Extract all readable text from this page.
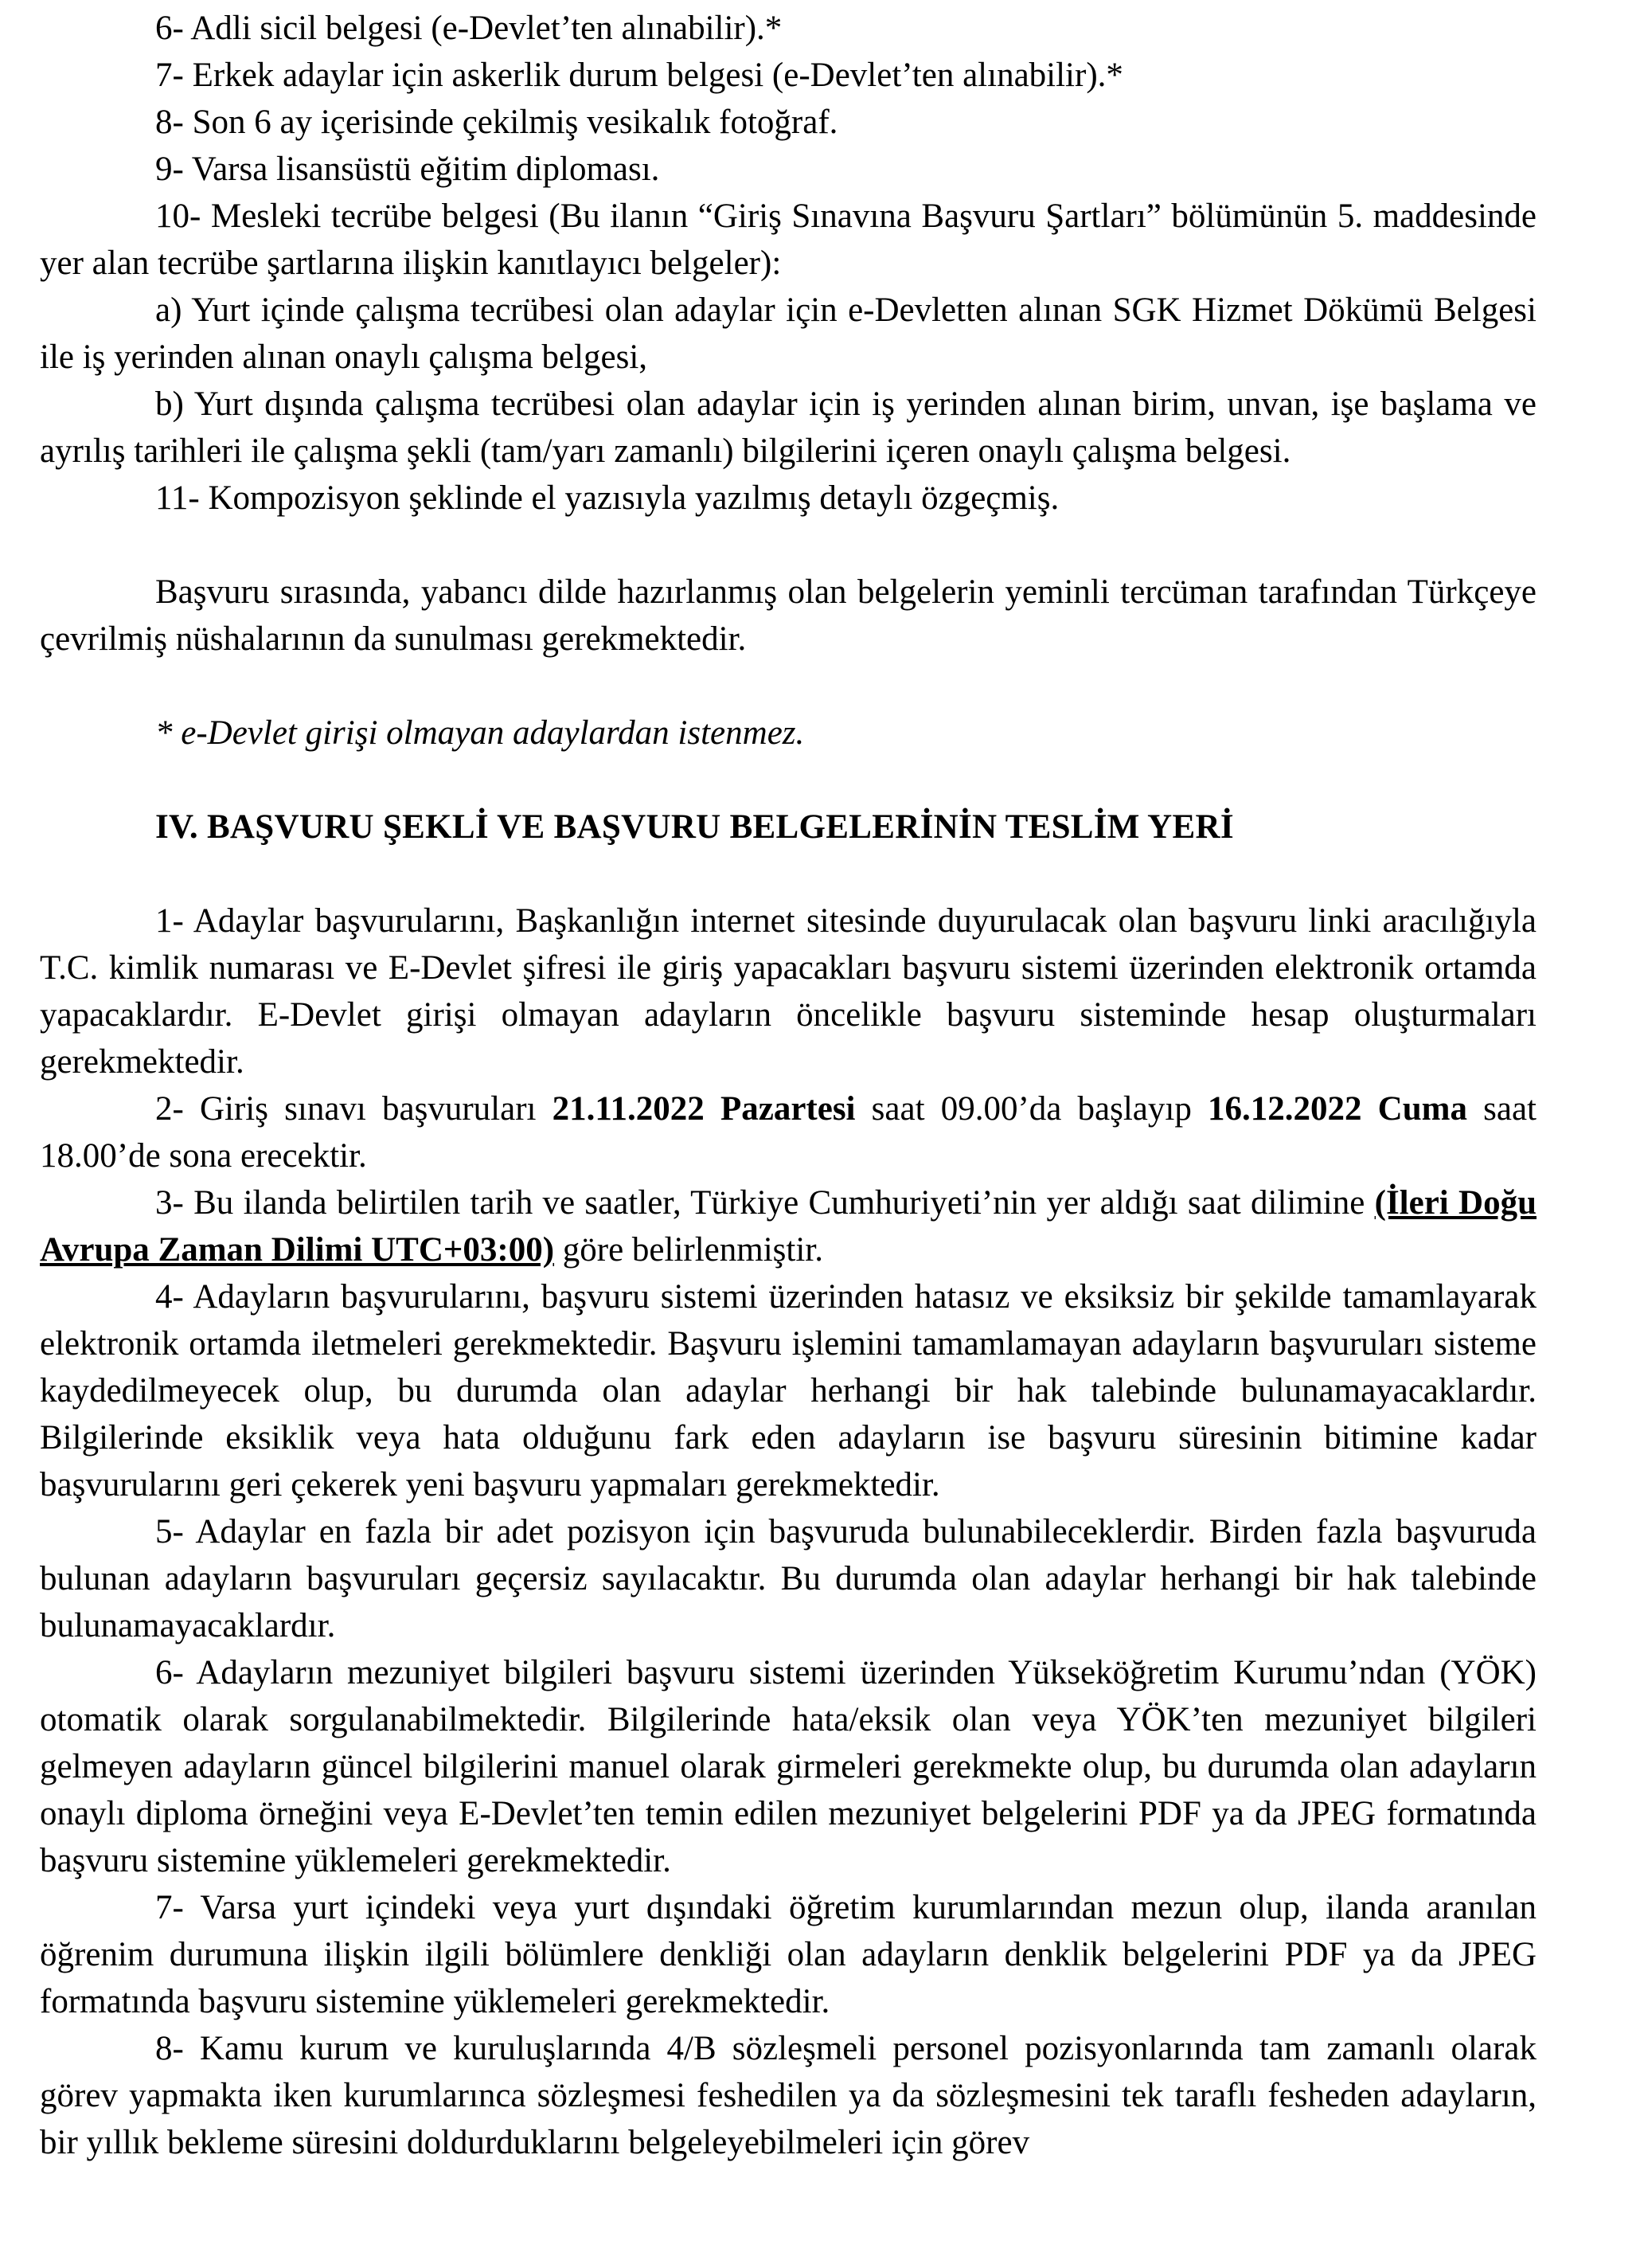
6- Adli sicil belgesi (e-Devlet’ten alınabilir).*

7- Erkek adaylar için askerlik durum belgesi (e-Devlet’ten alınabilir).*

8- Son 6 ay içerisinde çekilmiş vesikalık fotoğraf.

9- Varsa lisansüstü eğitim diploması.

10- Mesleki tecrübe belgesi (Bu ilanın “Giriş Sınavına Başvuru Şartları” bölümünün 5. maddesinde yer alan tecrübe şartlarına ilişkin kanıtlayıcı belgeler):

a) Yurt içinde çalışma tecrübesi olan adaylar için e-Devletten alınan SGK Hizmet Dökümü Belgesi ile iş yerinden alınan onaylı çalışma belgesi,

b) Yurt dışında çalışma tecrübesi olan adaylar için iş yerinden alınan birim, unvan, işe başlama ve ayrılış tarihleri ile çalışma şekli (tam/yarı zamanlı) bilgilerini içeren onaylı çalışma belgesi.

11- Kompozisyon şeklinde el yazısıyla yazılmış detaylı özgeçmiş.

Başvuru sırasında, yabancı dilde hazırlanmış olan belgelerin yeminli tercüman tarafından Türkçeye çevrilmiş nüshalarının da sunulması gerekmektedir.

* e-Devlet girişi olmayan adaylardan istenmez.

IV. BAŞVURU ŞEKLİ VE BAŞVURU BELGELERİNİN TESLİM YERİ

1- Adaylar başvurularını, Başkanlığın internet sitesinde duyurulacak olan başvuru linki aracılığıyla T.C. kimlik numarası ve E-Devlet şifresi ile giriş yapacakları başvuru sistemi üzerinden elektronik ortamda yapacaklardır. E-Devlet girişi olmayan adayların öncelikle başvuru sisteminde hesap oluşturmaları gerekmektedir.

2- Giriş sınavı başvuruları 21.11.2022 Pazartesi saat 09.00’da başlayıp 16.12.2022 Cuma saat 18.00’de sona erecektir.

3- Bu ilanda belirtilen tarih ve saatler, Türkiye Cumhuriyeti’nin yer aldığı saat dilimine (İleri Doğu Avrupa Zaman Dilimi UTC+03:00) göre belirlenmiştir.

4- Adayların başvurularını, başvuru sistemi üzerinden hatasız ve eksiksiz bir şekilde tamamlayarak elektronik ortamda iletmeleri gerekmektedir. Başvuru işlemini tamamlamayan adayların başvuruları sisteme kaydedilmeyecek olup, bu durumda olan adaylar herhangi bir hak talebinde bulunamayacaklardır. Bilgilerinde eksiklik veya hata olduğunu fark eden adayların ise başvuru süresinin bitimine kadar başvurularını geri çekerek yeni başvuru yapmaları gerekmektedir.

5- Adaylar en fazla bir adet pozisyon için başvuruda bulunabileceklerdir. Birden fazla başvuruda bulunan adayların başvuruları geçersiz sayılacaktır. Bu durumda olan adaylar herhangi bir hak talebinde bulunamayacaklardır.

6- Adayların mezuniyet bilgileri başvuru sistemi üzerinden Yükseköğretim Kurumu’ndan (YÖK) otomatik olarak sorgulanabilmektedir. Bilgilerinde hata/eksik olan veya YÖK’ten mezuniyet bilgileri gelmeyen adayların güncel bilgilerini manuel olarak girmeleri gerekmekte olup, bu durumda olan adayların onaylı diploma örneğini veya E-Devlet’ten temin edilen mezuniyet belgelerini PDF ya da JPEG formatında başvuru sistemine yüklemeleri gerekmektedir.

7- Varsa yurt içindeki veya yurt dışındaki öğretim kurumlarından mezun olup, ilanda aranılan öğrenim durumuna ilişkin ilgili bölümlere denkliği olan adayların denklik belgelerini PDF ya da JPEG formatında başvuru sistemine yüklemeleri gerekmektedir.

8- Kamu kurum ve kuruluşlarında 4/B sözleşmeli personel pozisyonlarında tam zamanlı olarak görev yapmakta iken kurumlarınca sözleşmesi feshedilen ya da sözleşmesini tek taraflı fesheden adayların, bir yıllık bekleme süresini doldurduklarını belgeleyebilmeleri için görev
